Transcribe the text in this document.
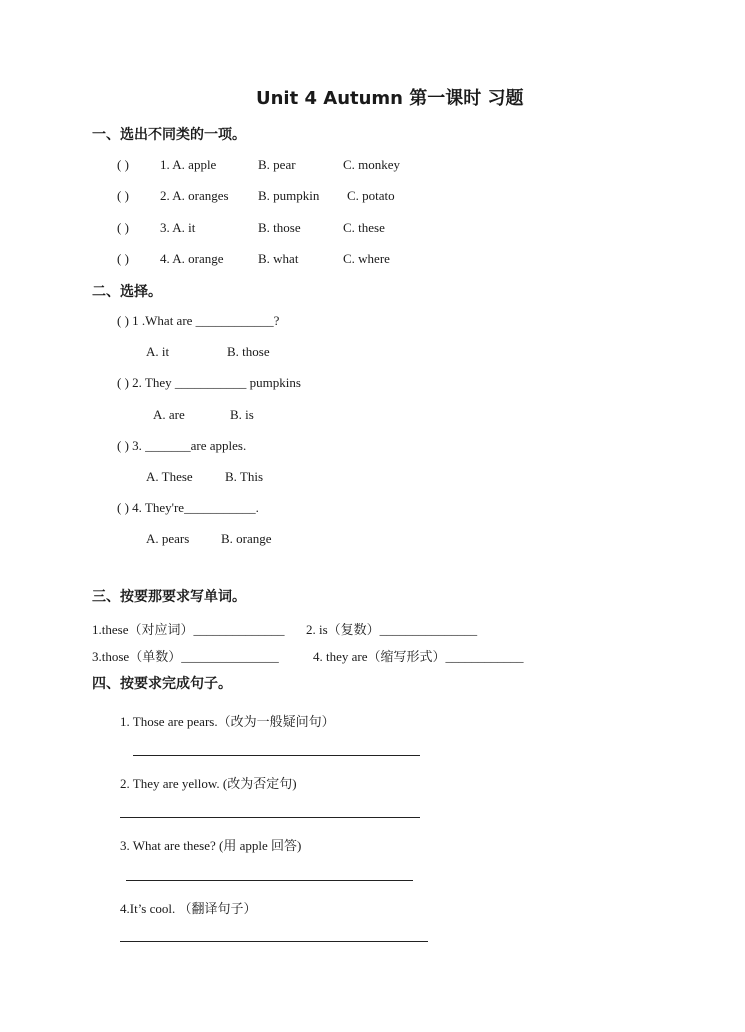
Unit 4 Autumn 第一课时 习题
一、选出不同类的一项。
( ) 1. A. apple	B. pear	C. monkey
( ) 2. A. oranges B. pumpkin C. potato
( ) 3. A. it	B. those	C. these
( ) 4. A. orange	B. what	C. where
二、选择。
( ) 1 .What are ____________?
A. it	B. those
( ) 2. They ___________ pumpkins
A. are	B. is
( ) 3. _______are apples.
A. These B. This
( ) 4. They're___________.
A. pears B. orange
三、按要那要求写单词。
1.these（对应词）______________ 2. is（复数）_______________
3.those（单数）_______________	4. they are（缩写形式）____________
四、按要求完成句子。
1. Those are pears.（改为一般疑问句）
2. They are yellow. (改为否定句)
3. What are these? (用 apple 回答)
4.It’s cool. （翻译句子）
